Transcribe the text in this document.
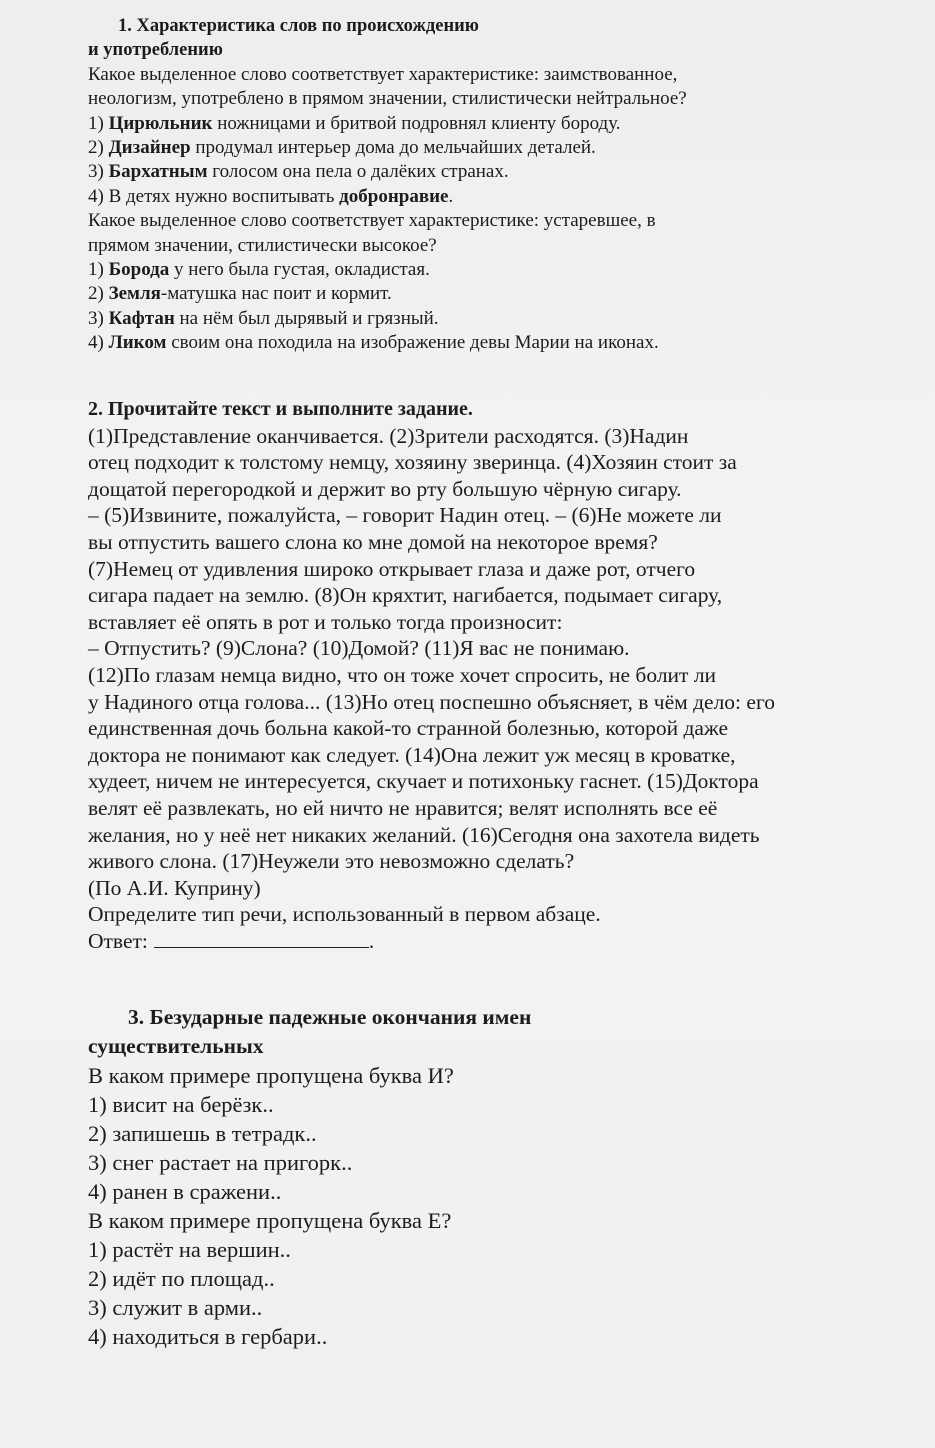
1. Характеристика слов по происхождению
и употреблению
Какое выделенное слово соответствует характеристике: заимствованное,
неологизм, употреблено в прямом значении, стилистически нейтральное?
1) Цирюльник ножницами и бритвой подровнял клиенту бороду.
2) Дизайнер продумал интерьер дома до мельчайших деталей.
3) Бархатным голосом она пела о далёких странах.
4) В детях нужно воспитывать добронравие.
Какое выделенное слово соответствует характеристике: устаревшее, в
прямом значении, стилистически высокое?
1) Борода у него была густая, окладистая.
2) Земля-матушка нас поит и кормит.
3) Кафтан на нём был дырявый и грязный.
4) Ликом своим она походила на изображение девы Марии на иконах.
2. Прочитайте текст и выполните задание.
(1)Представление оканчивается. (2)Зрители расходятся. (3)Надин
отец подходит к толстому немцу, хозяину зверинца. (4)Хозяин стоит за
дощатой перегородкой и держит во рту большую чёрную сигару.
– (5)Извините, пожалуйста, – говорит Надин отец. – (6)Не можете ли
вы отпустить вашего слона ко мне домой на некоторое время?
(7)Немец от удивления широко открывает глаза и даже рот, отчего
сигара падает на землю. (8)Он кряхтит, нагибается, подымает сигару,
вставляет её опять в рот и только тогда произносит:
– Отпустить? (9)Слона? (10)Домой? (11)Я вас не понимаю.
(12)По глазам немца видно, что он тоже хочет спросить, не болит ли
у Надиного отца голова... (13)Но отец поспешно объясняет, в чём дело: его
единственная дочь больна какой-то странной болезнью, которой даже
доктора не понимают как следует. (14)Она лежит уж месяц в кроватке,
худеет, ничем не интересуется, скучает и потихоньку гаснет. (15)Доктора
велят её развлекать, но ей ничто не нравится; велят исполнять все её
желания, но у неё нет никаких желаний. (16)Сегодня она захотела видеть
живого слона. (17)Неужели это невозможно сделать?
(По А.И. Куприну)
Определите тип речи, использованный в первом абзаце.
Ответ:	.
3. Безударные падежные окончания имен
существительных
В каком примере пропущена буква И?
1) висит на берёзк..
2) запишешь в тетрадк..
3) снег растает на пригорк..
4) ранен в сражени..
В каком примере пропущена буква Е?
1) растёт на вершин..
2) идёт по площад..
3) служит в арми..
4) находиться в гербари..
